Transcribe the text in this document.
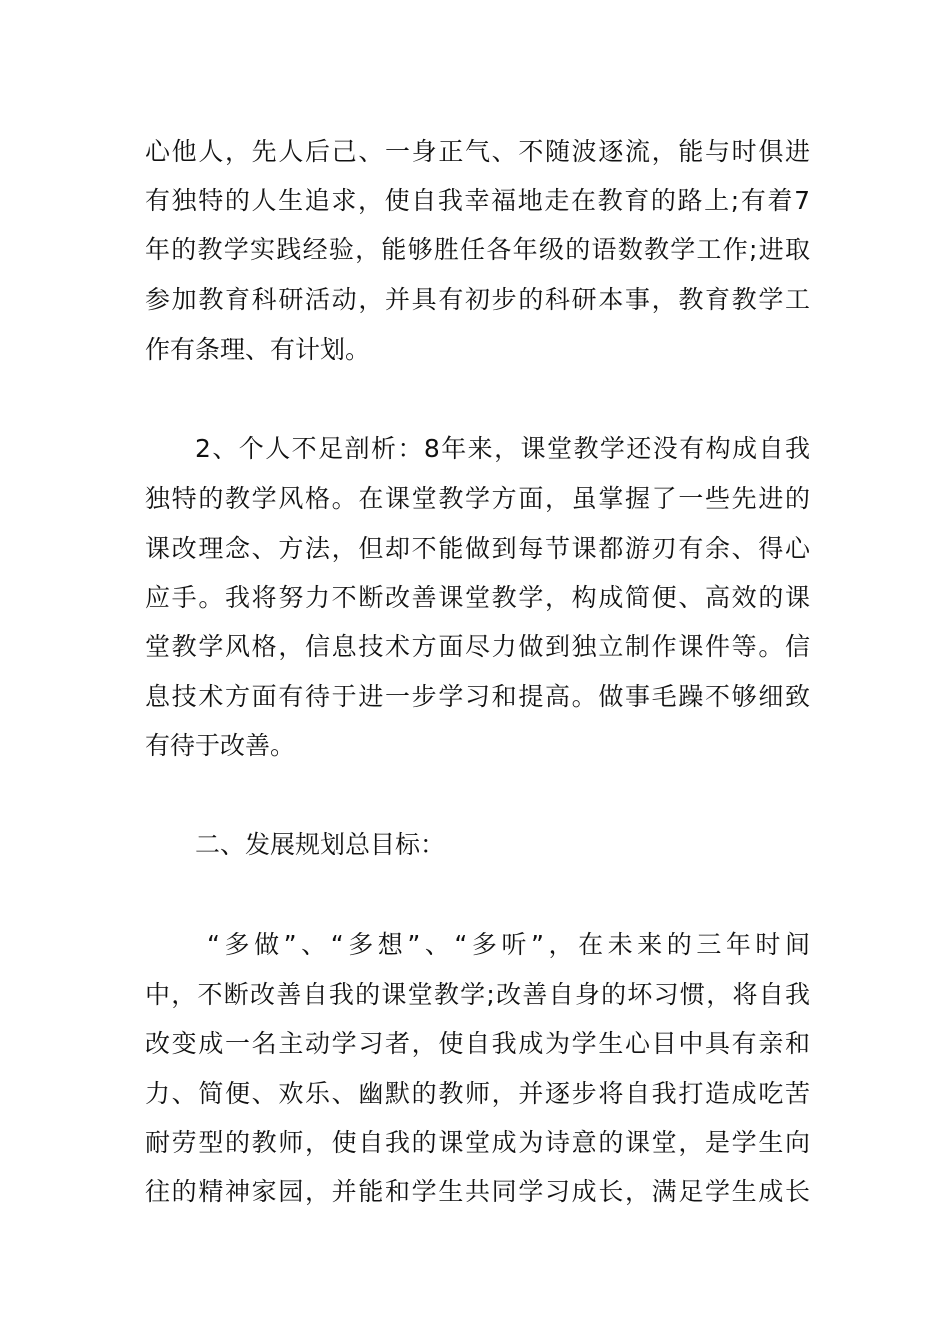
心他人，先人后己、一身正气、不随波逐流，能与时俱进
有独特的人生追求，使自我幸福地走在教育的路上;有着7
年的教学实践经验，能够胜任各年级的语数教学工作;进取
参加教育科研活动，并具有初步的科研本事，教育教学工
作有条理、有计划。
2、个人不足剖析：8年来，课堂教学还没有构成自我
独特的教学风格。在课堂教学方面，虽掌握了一些先进的
课改理念、方法，但却不能做到每节课都游刃有余、得心
应手。我将努力不断改善课堂教学，构成简便、高效的课
堂教学风格，信息技术方面尽力做到独立制作课件等。信
息技术方面有待于进一步学习和提高。做事毛躁不够细致
有待于改善。
二、发展规划总目标：
“多做”、“多想”、“多听”，在未来的三年时间
中，不断改善自我的课堂教学;改善自身的坏习惯，将自我
改变成一名主动学习者，使自我成为学生心目中具有亲和
力、简便、欢乐、幽默的教师，并逐步将自我打造成吃苦
耐劳型的教师，使自我的课堂成为诗意的课堂，是学生向
往的精神家园，并能和学生共同学习成长，满足学生成长
